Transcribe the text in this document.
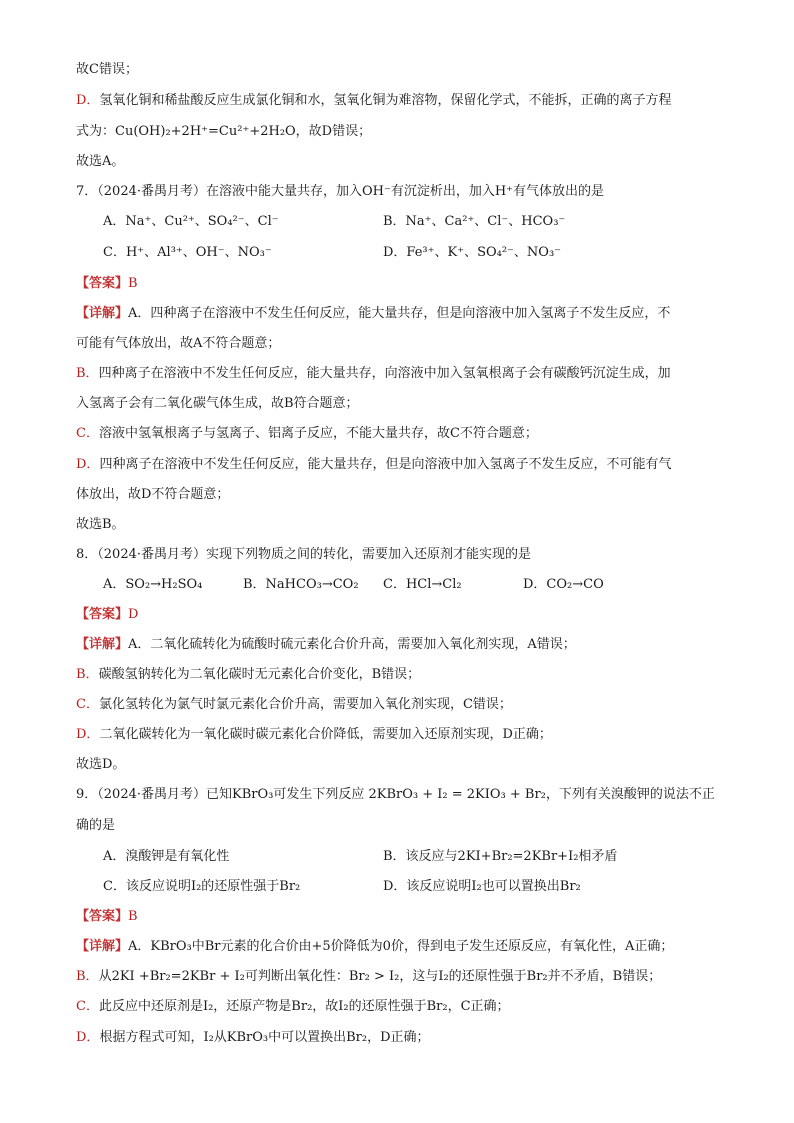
故C错误；
D．氢氧化铜和稀盐酸反应生成氯化铜和水，氢氧化铜为难溶物，保留化学式，不能拆，正确的离子方程
式为：Cu(OH)₂+2H⁺=Cu²⁺+2H₂O，故D错误；
故选A。
7．（2024·番禺月考）在溶液中能大量共存，加入OH⁻有沉淀析出，加入H⁺有气体放出的是
A．Na⁺、Cu²⁺、SO₄²⁻、Cl⁻	B．Na⁺、Ca²⁺、Cl⁻、HCO₃⁻
C．H⁺、Al³⁺、OH⁻、NO₃⁻	D．Fe³⁺、K⁺、SO₄²⁻、NO₃⁻
【答案】B
【详解】A．四种离子在溶液中不发生任何反应，能大量共存，但是向溶液中加入氢离子不发生反应，不
可能有气体放出，故A不符合题意；
B．四种离子在溶液中不发生任何反应，能大量共存，向溶液中加入氢氧根离子会有碳酸钙沉淀生成，加
入氢离子会有二氧化碳气体生成，故B符合题意；
C．溶液中氢氧根离子与氢离子、铝离子反应，不能大量共存，故C不符合题意；
D．四种离子在溶液中不发生任何反应，能大量共存，但是向溶液中加入氢离子不发生反应，不可能有气
体放出，故D不符合题意；
故选B。
8．（2024·番禺月考）实现下列物质之间的转化，需要加入还原剂才能实现的是
A．SO₂→H₂SO₄	B．NaHCO₃→CO₂ C．HCl→Cl₂	D．CO₂→CO
【答案】D
【详解】A．二氧化硫转化为硫酸时硫元素化合价升高，需要加入氧化剂实现，A错误；
B．碳酸氢钠转化为二氧化碳时无元素化合价变化，B错误；
C．氯化氢转化为氯气时氯元素化合价升高，需要加入氧化剂实现，C错误；
D．二氧化碳转化为一氧化碳时碳元素化合价降低，需要加入还原剂实现，D正确；
故选D。
9．（2024·番禺月考）已知KBrO₃可发生下列反应 2KBrO₃ + I₂ = 2KIO₃ + Br₂，下列有关溴酸钾的说法不正
确的是
A．溴酸钾是有氧化性	B．该反应与2KI+Br₂=2KBr+I₂相矛盾
C．该反应说明I₂的还原性强于Br₂	D．该反应说明I₂也可以置换出Br₂
【答案】B
【详解】A．KBrO₃中Br元素的化合价由+5价降低为0价，得到电子发生还原反应，有氧化性，A正确；
B．从2KI +Br₂=2KBr + I₂可判断出氧化性：Br₂ > I₂，这与I₂的还原性强于Br₂并不矛盾，B错误；
C．此反应中还原剂是I₂，还原产物是Br₂，故I₂的还原性强于Br₂，C正确；
D．根据方程式可知，I₂从KBrO₃中可以置换出Br₂，D正确；
